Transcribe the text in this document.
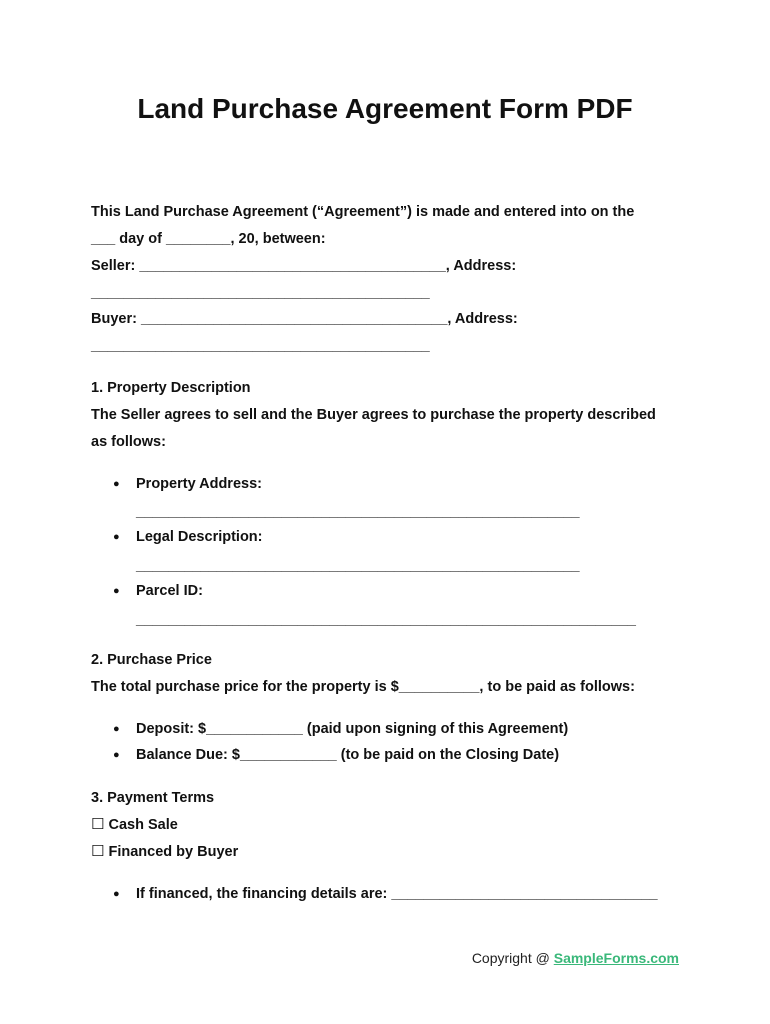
Land Purchase Agreement Form PDF
This Land Purchase Agreement (“Agreement”) is made and entered into on the
___ day of ________, 20, between:
Seller: ______________________________________, Address:
__________________________________________
Buyer: ______________________________________, Address:
__________________________________________
1. Property Description
The Seller agrees to sell and the Buyer agrees to purchase the property described
as follows:
● Property Address:
_______________________________________________________
● Legal Description:
_______________________________________________________
● Parcel ID:
______________________________________________________________
2. Purchase Price
The total purchase price for the property is $__________, to be paid as follows:
● Deposit: $____________ (paid upon signing of this Agreement)
● Balance Due: $____________ (to be paid on the Closing Date)
3. Payment Terms
☐ Cash Sale
☐ Financed by Buyer
● If financed, the financing details are: _________________________________
Copyright @ SampleForms.com
